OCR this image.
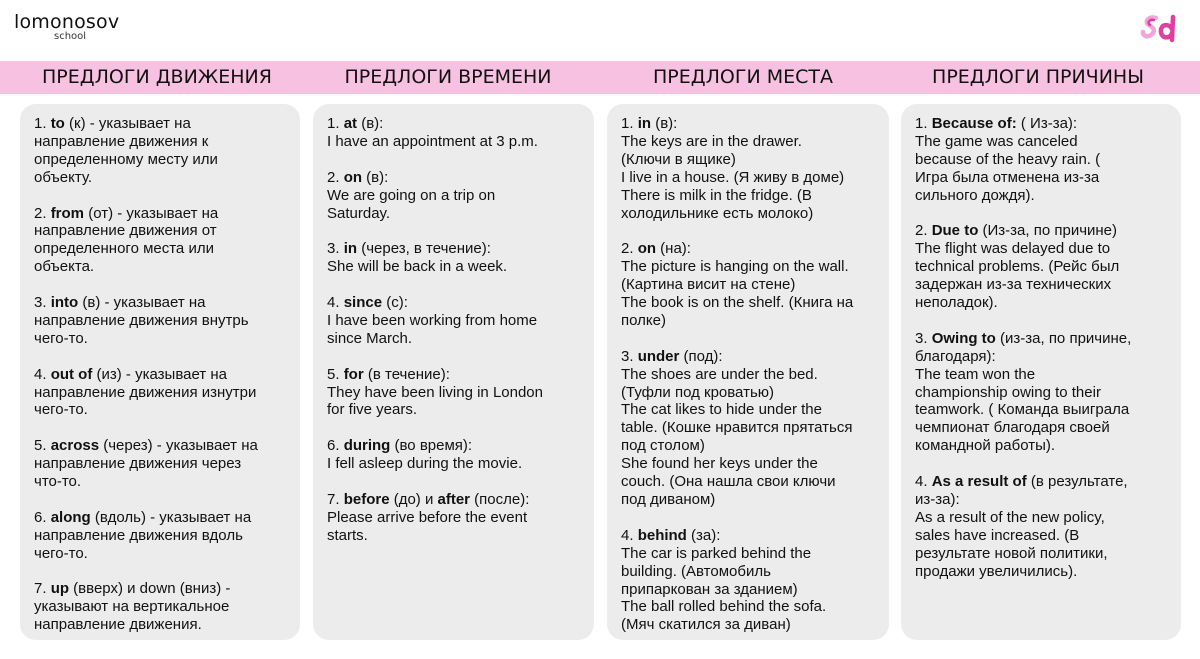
lomonosov
school
ПРЕДЛОГИ ДВИЖЕНИЯ	ПРЕДЛОГИ ВРЕМЕНИ	ПРЕДЛОГИ МЕСТА	ПРЕДЛОГИ ПРИЧИНЫ
1. to (к) - указывает на
направление движения к
определенному месту или
объекту.
2. from (от) - указывает на
направление движения от
определенного места или
объекта.
3. into (в) - указывает на
направление движения внутрь
чего-то.
4. out of (из) - указывает на
направление движения изнутри
чего-то.
5. across (через) - указывает на
направление движения через
что-то.
6. along (вдоль) - указывает на
направление движения вдоль
чего-то.
7. up (вверх) и down (вниз) -
указывают на вертикальное
направление движения.
1. at (в):
I have an appointment at 3 p.m.
2. on (в):
We are going on a trip on
Saturday.
3. in (через, в течение):
She will be back in a week.
4. since (с):
I have been working from home
since March.
5. for (в течение):
They have been living in London
for five years.
6. during (во время):
I fell asleep during the movie.
7. before (до) и after (после):
Please arrive before the event
starts.
1. in (в):
The keys are in the drawer.
(Ключи в ящике)
I live in a house. (Я живу в доме)
There is milk in the fridge. (В
холодильнике есть молоко)
2. on (на):
The picture is hanging on the wall.
(Картина висит на стене)
The book is on the shelf. (Книга на
полке)
3. under (под):
The shoes are under the bed.
(Туфли под кроватью)
The cat likes to hide under the
table. (Кошке нравится прятаться
под столом)
She found her keys under the
couch. (Она нашла свои ключи
под диваном)
4. behind (за):
The car is parked behind the
building. (Автомобиль
припаркован за зданием)
The ball rolled behind the sofa.
(Мяч скатился за диван)
1. Because of: ( Из-за):
The game was canceled
because of the heavy rain. (
Игра была отменена из-за
сильного дождя).
2. Due to (Из-за, по причине)
The flight was delayed due to
technical problems. (Рейс был
задержан из-за технических
неполадок).
3. Owing to (из-за, по причине,
благодаря):
The team won the
championship owing to their
teamwork. ( Команда выиграла
чемпионат благодаря своей
командной работы).
4. As a result of (в результате,
из-за):
As a result of the new policy,
sales have increased. (В
результате новой политики,
продажи увеличились).
